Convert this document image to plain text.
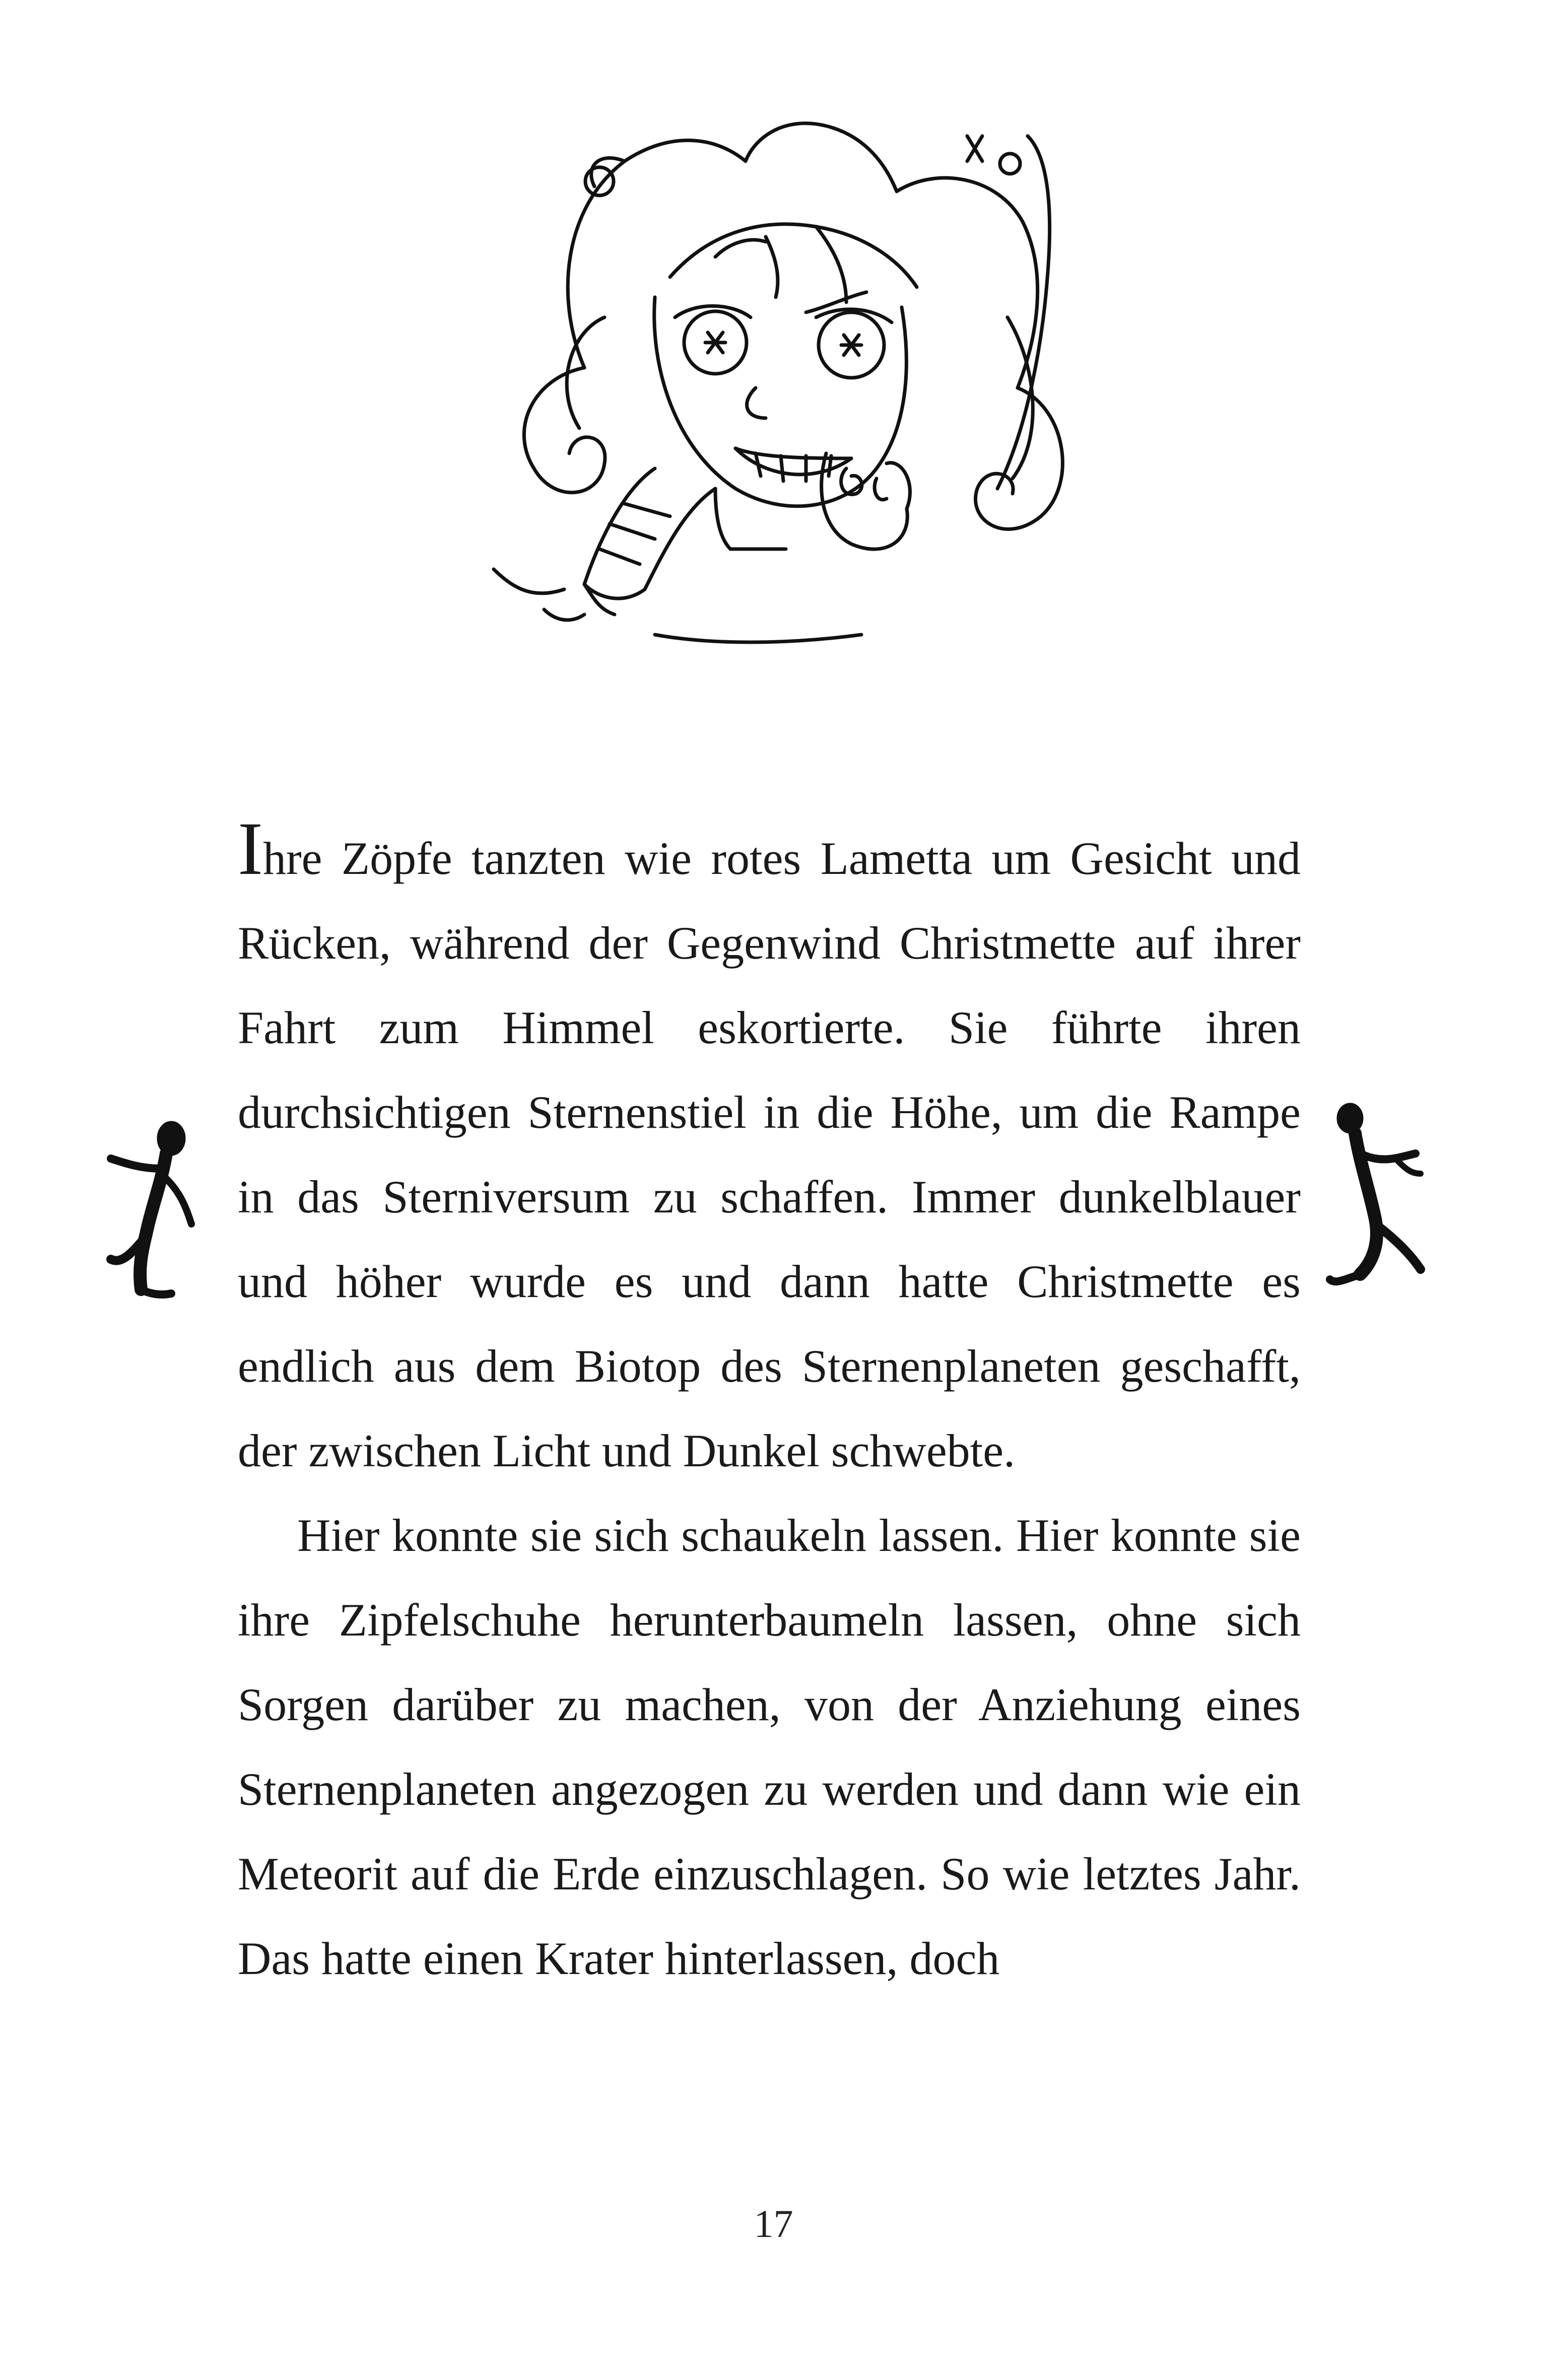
Ihre Zöpfe tanzten wie rotes Lametta um Gesicht und Rücken, während der Gegenwind Christmette auf ihrer Fahrt zum Himmel eskortierte. Sie führte ihren durchsichtigen Sternenstiel in die Höhe, um die Rampe in das Sterniversum zu schaffen. Immer dunkelblauer und höher wurde es und dann hatte Christmette es endlich aus dem Biotop des Sternenplaneten geschafft, der zwischen Licht und Dunkel schwebte.

Hier konnte sie sich schaukeln lassen. Hier konnte sie ihre Zipfelschuhe herunterbaumeln lassen, ohne sich Sorgen darüber zu machen, von der Anziehung eines Sternenplaneten angezogen zu werden und dann wie ein Meteorit auf die Erde einzuschlagen. So wie letztes Jahr. Das hatte einen Krater hinterlassen, doch

17
